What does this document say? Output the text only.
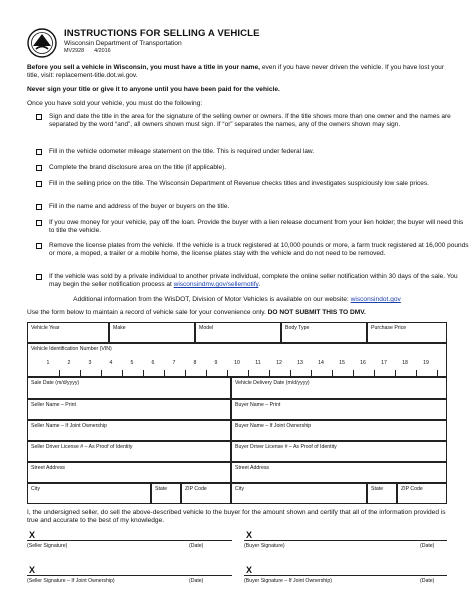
INSTRUCTIONS FOR SELLING A VEHICLE
Wisconsin Department of Transportation
MV2928 4/2016
Before you sell a vehicle in Wisconsin, you must have a title in your name, even if you have never driven the vehicle. If you have lost your title, visit: replacement-title.dot.wi.gov.
Never sign your title or give it to anyone until you have been paid for the vehicle.
Once you have sold your vehicle, you must do the following:
Sign and date the title in the area for the signature of the selling owner or owners. If the title shows more than one owner and the names are separated by the word “and”, all owners shown must sign. If “or” separates the names, any of the owners shown may sign.
Fill in the vehicle odometer mileage statement on the title. This is required under federal law.
Complete the brand disclosure area on the title (if applicable).
Fill in the selling price on the title. The Wisconsin Department of Revenue checks titles and investigates suspiciously low sale prices.
Fill in the name and address of the buyer or buyers on the title.
If you owe money for your vehicle, pay off the loan. Provide the buyer with a lien release document from your lien holder; the buyer will need this to title the vehicle.
Remove the license plates from the vehicle. If the vehicle is a truck registered at 10,000 pounds or more, a farm truck registered at 16,000 pounds or more, a moped, a trailer or a mobile home, the license plates stay with the vehicle and do not need to be removed.
If the vehicle was sold by a private individual to another private individual, complete the online seller notification within 30 days of the sale. You may begin the seller notification process at wisconsindmv.gov/sellernotify.
Additional information from the WisDOT, Division of Motor Vehicles is available on our website: wisconsindot.gov
Use the form below to maintain a record of vehicle sale for your convenience only. DO NOT SUBMIT THIS TO DMV.
Vehicle Year	Make	Model	Body Type	Purchase Price
Vehicle Identification Number (VIN)
1	2	3	4	5	6	7	8	9	10	11	12	13	14	15	16	17	18	19
Sale Date (m/d/yyyy)	Vehicle Delivery Date (m/d/yyyy)
Seller Name – Print	Buyer Name – Print
Seller Name – If Joint Ownership	Buyer Name – If Joint Ownership
Seller Driver License # – As Proof of Identity	Buyer Driver License # – As Proof of Identity
Street Address	Street Address
City	State	ZIP Code	City	State	ZIP Code
I, the undersigned seller, do sell the above-described vehicle to the buyer for the amount shown and certify that all of the information provided is true and accurate to the best of my knowledge.
X
(Seller Signature)	(Date)
X
(Buyer Signature)	(Date)
X
(Seller Signature – If Joint Ownership)	(Date)
X
(Buyer Signature – If Joint Ownership)	(Date)
